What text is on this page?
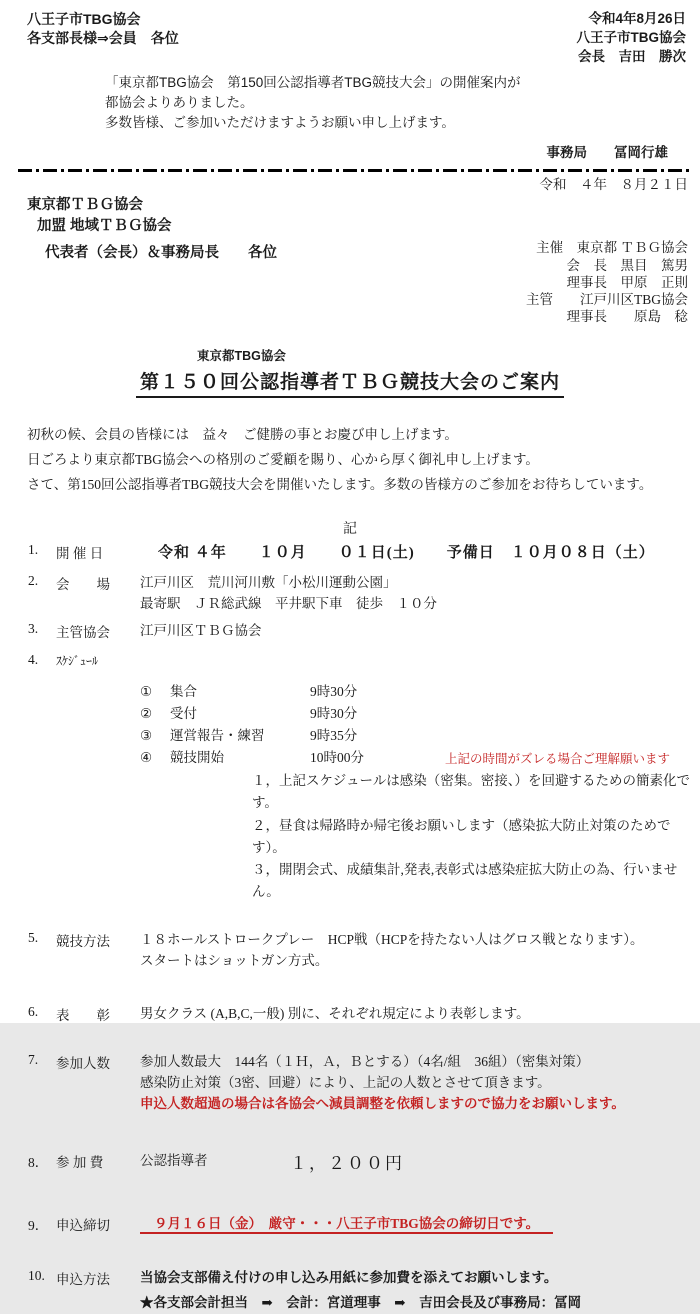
八王子市TBG協会
各支部長様⇒会員　各位
令和4年8月26日
八王子市TBG協会
会長　吉田　勝次
「東京都TBG協会　第150回公認指導者TBG競技大会」の開催案内が
都協会よりありました。
多数皆様、ご参加いただけますようお願い申し上げます。
事務局　　冨岡行雄
令和　４年　８月２１日
東京都ＴＢＧ協会
加盟 地域ＴＢＧ協会
代表者（会長）＆事務局長　　各位	主催　東京都 ＴＢＧ協会
会　長　黒目　篤男
理事長　甲原　正則
主管　　江戸川区TBG協会
理事長　　原島　稔
東京都TBG協会
第１５０回公認指導者ＴＢＧ競技大会のご案内
初秋の候、会員の皆様には　益々　ご健勝の事とお慶び申し上げます。
日ごろより東京都TBG協会への格別のご愛顧を賜り、心から厚く御礼申し上げます。
さて、第150回公認指導者TBG競技大会を開催いたします。多数の皆様方のご参加をお待ちしています。
記
1.	開 催 日	令和 ４年　　１０月　　０１日(土)　　予備日　１０月０８日（土）
2.	会　　場	江戸川区　荒川河川敷「小松川運動公園」
最寄駅　ＪＲ総武線　平井駅下車　徒歩　１０分
3.	主管協会	江戸川区ＴＢＧ協会
4.	ｽｹｼﾞｭｰﾙ
①	集合	9時30分
②	受付	9時30分
③	運営報告・練習	9時35分
④	競技開始	10時00分	上記の時間がズレる場合ご理解願います
１，上記スケジュールは感染（密集。密接、）を回避するための簡素化です。
２，昼食は帰路時か帰宅後お願いします（感染拡大防止対策のためです）。
３，開閉会式、成績集計,発表,表彰式は感染症拡大防止の為、行いません。
5.	競技方法	１８ホールストロークプレー　HCP戦（HCPを持たない人はグロス戦となります）。
スタートはショットガン方式。
6.	表　　彰	男女クラス (A,B,C,一般) 別に、それぞれ規定により表彰します。
7.	参加人数	参加人数最大　144名（１Ｈ，Ａ，Ｂとする）（4名/組　36組）（密集対策）
感染防止対策（3密、回避）により、上記の人数とさせて頂きます。
申込人数超過の場合は各協会へ減員調整を依頼しますので協力をお願いします。
8． 参 加 費	公認指導者	１，２００円
9． 申込締切	９月１６日（金）　厳守・・・八王子市TBG協会の締切日です。
10. 申込方法	当協会支部備え付けの申し込み用紙に参加費を添えてお願いします。
★各支部会計担当　➡　会計：宮道理事　➡　吉田会長及び事務局：冨岡
